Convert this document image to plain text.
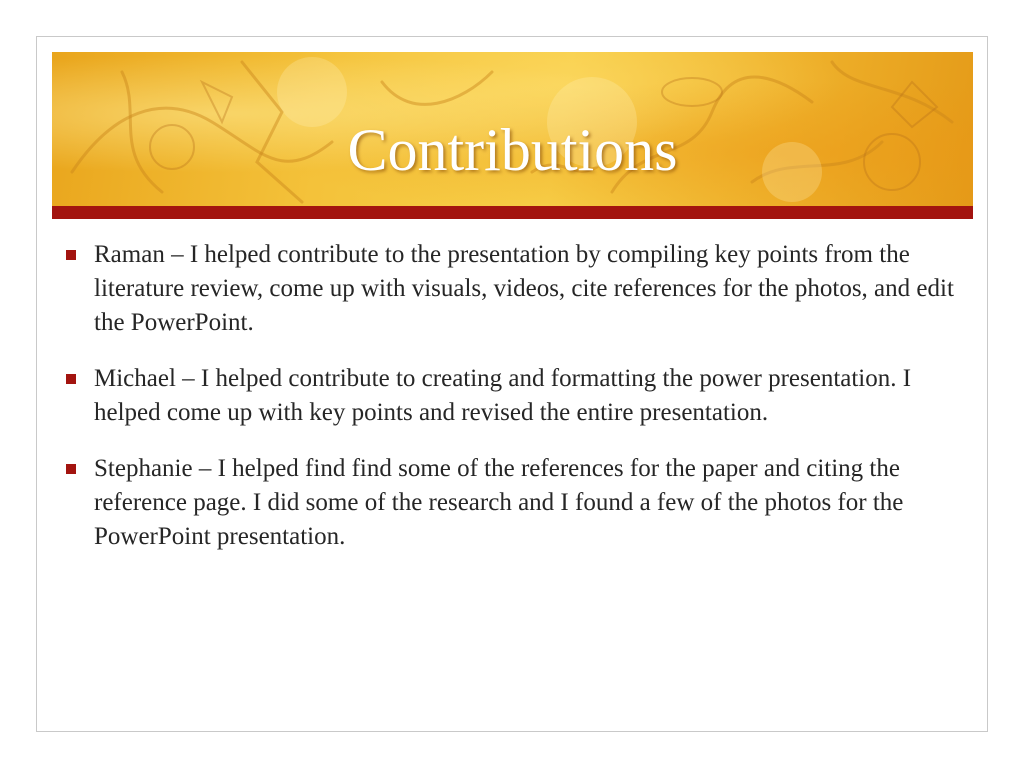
Contributions
Raman – I helped contribute to the presentation by compiling key points from the literature review, come up with visuals, videos, cite references for the photos, and edit the PowerPoint.
Michael – I helped contribute to creating and formatting the power presentation. I helped come up with key points and revised the entire presentation.
Stephanie – I helped find find some of the references for the paper and citing the reference page. I did some of the research and I found a few of the photos for the PowerPoint presentation.
